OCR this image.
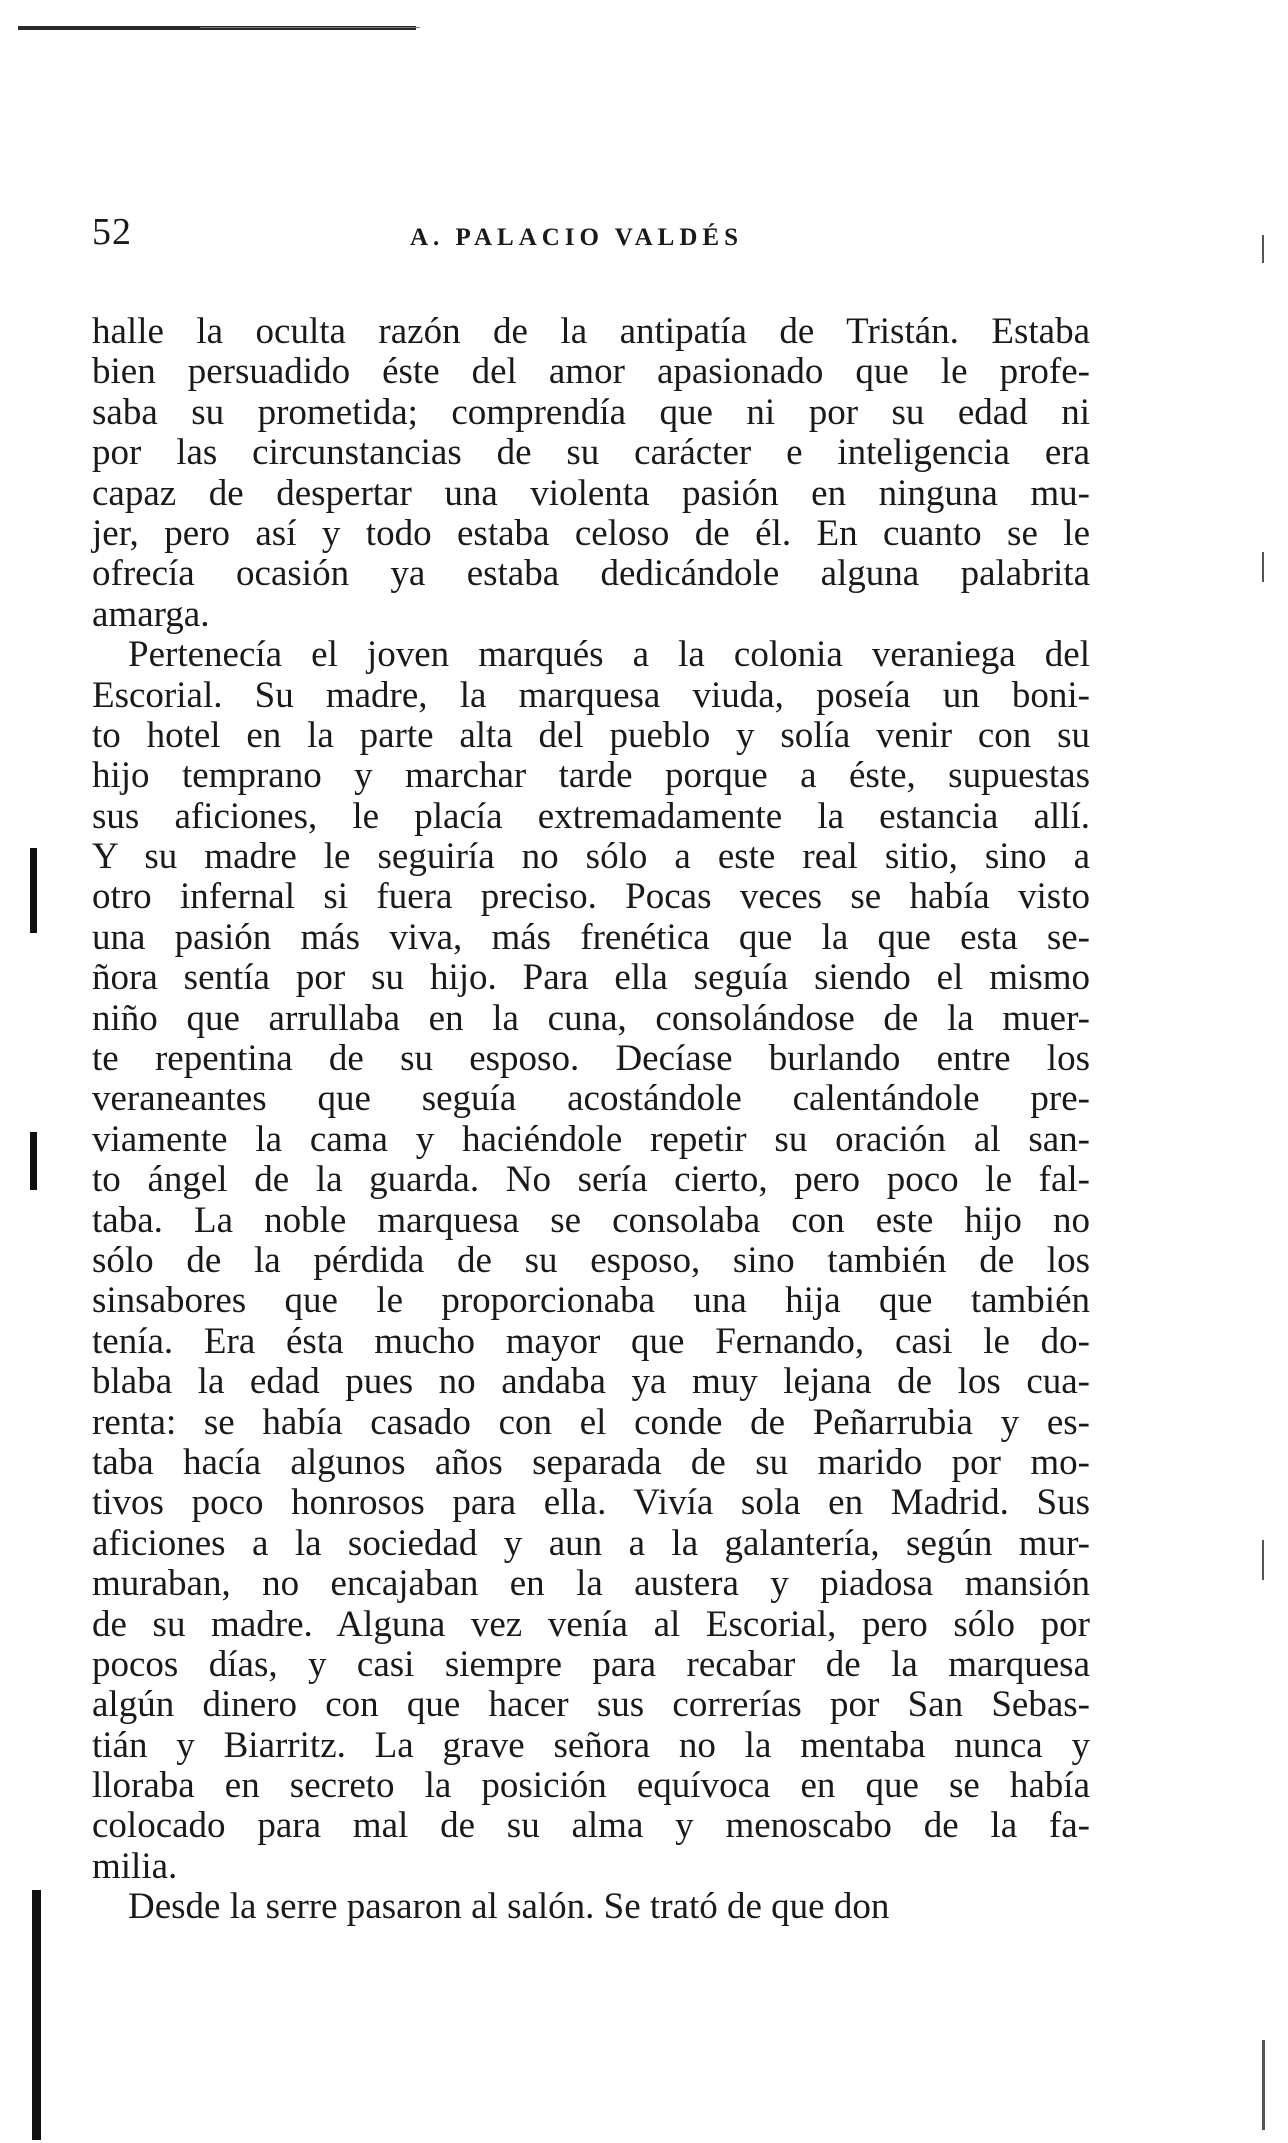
52	A. PALACIO VALDÉS
halle la oculta razón de la antipatía de Tristán. Estaba
bien persuadido éste del amor apasionado que le profe-
saba su prometida; comprendía que ni por su edad ni
por las circunstancias de su carácter e inteligencia era
capaz de despertar una violenta pasión en ninguna mu-
jer, pero así y todo estaba celoso de él. En cuanto se le
ofrecía ocasión ya estaba dedicándole alguna palabrita
amarga.
Pertenecía el joven marqués a la colonia veraniega del
Escorial. Su madre, la marquesa viuda, poseía un boni-
to hotel en la parte alta del pueblo y solía venir con su
hijo temprano y marchar tarde porque a éste, supuestas
sus aficiones, le placía extremadamente la estancia allí.
Y su madre le seguiría no sólo a este real sitio, sino a
otro infernal si fuera preciso. Pocas veces se había visto
una pasión más viva, más frenética que la que esta se-
ñora sentía por su hijo. Para ella seguía siendo el mismo
niño que arrullaba en la cuna, consolándose de la muer-
te repentina de su esposo. Decíase burlando entre los
veraneantes que seguía acostándole calentándole pre-
viamente la cama y haciéndole repetir su oración al san-
to ángel de la guarda. No sería cierto, pero poco le fal-
taba. La noble marquesa se consolaba con este hijo no
sólo de la pérdida de su esposo, sino también de los
sinsabores que le proporcionaba una hija que también
tenía. Era ésta mucho mayor que Fernando, casi le do-
blaba la edad pues no andaba ya muy lejana de los cua-
renta: se había casado con el conde de Peñarrubia y es-
taba hacía algunos años separada de su marido por mo-
tivos poco honrosos para ella. Vivía sola en Madrid. Sus
aficiones a la sociedad y aun a la galantería, según mur-
muraban, no encajaban en la austera y piadosa mansión
de su madre. Alguna vez venía al Escorial, pero sólo por
pocos días, y casi siempre para recabar de la marquesa
algún dinero con que hacer sus correrías por San Sebas-
tián y Biarritz. La grave señora no la mentaba nunca y
lloraba en secreto la posición equívoca en que se había
colocado para mal de su alma y menoscabo de la fa-
milia.
Desde la serre pasaron al salón. Se trató de que don
